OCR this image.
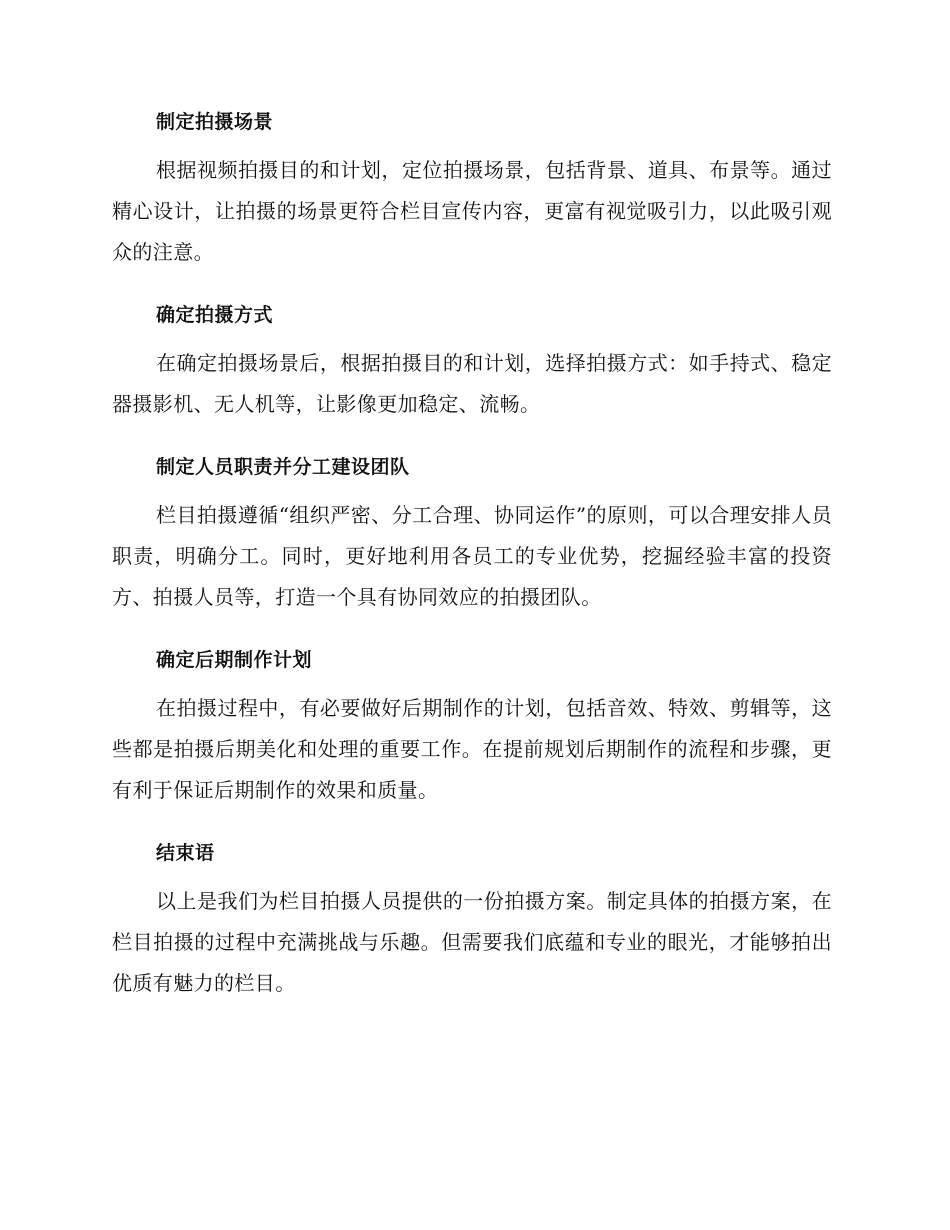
制定拍摄场景

根据视频拍摄目的和计划，定位拍摄场景，包括背景、道具、布景等。通过精心设计，让拍摄的场景更符合栏目宣传内容，更富有视觉吸引力，以此吸引观众的注意。

确定拍摄方式

在确定拍摄场景后，根据拍摄目的和计划，选择拍摄方式：如手持式、稳定器摄影机、无人机等，让影像更加稳定、流畅。

制定人员职责并分工建设团队

栏目拍摄遵循“组织严密、分工合理、协同运作”的原则，可以合理安排人员职责，明确分工。同时，更好地利用各员工的专业优势，挖掘经验丰富的投资方、拍摄人员等，打造一个具有协同效应的拍摄团队。

确定后期制作计划

在拍摄过程中，有必要做好后期制作的计划，包括音效、特效、剪辑等，这些都是拍摄后期美化和处理的重要工作。在提前规划后期制作的流程和步骤，更有利于保证后期制作的效果和质量。

结束语

以上是我们为栏目拍摄人员提供的一份拍摄方案。制定具体的拍摄方案，在栏目拍摄的过程中充满挑战与乐趣。但需要我们底蕴和专业的眼光，才能够拍出优质有魅力的栏目。
